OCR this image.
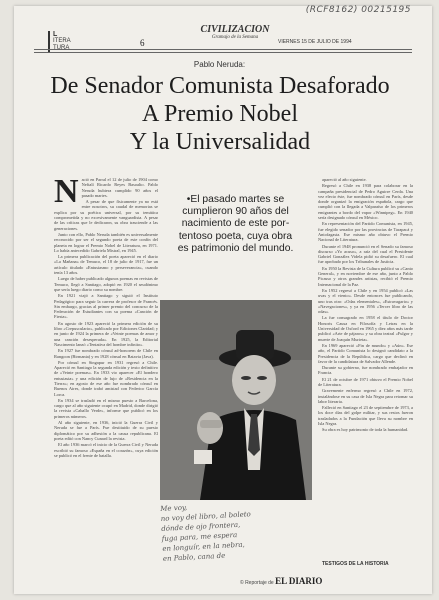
(RCF8162) 00215195
L
ITERA
TURA	6
CIVILIZACION
Gramajo de la Semana
VIERNES 15 DE JULIO DE 1994
Pablo Neruda:
De Senador Comunista Desaforado
A Premio Nobel
Y la Universalidad

Nació en Parral el 12 de julio de 1904 como Neftalí Ricardo Reyes Basoalto. Pablo Neruda hubiera cumplido 90 años el pasado martes.

A pesar de que físicamente ya no está entre nosotros, su caudal de memorias se explica por su poética universal, por su temática comprometida y no excesivamente vanguardista. A pesar de las críticas que le dedicaron, su obra trasciende a las generaciones.

Junto con ello, Pablo Neruda también es universalmente reconocido por ser el segundo poeta de este confín del planeta en lograr el Premio Nobel de Literatura, en 1971. Lo había antecedido Gabriela Mistral, en 1945.

La primera publicación del poeta apareció en el diario «La Mañana» de Temuco, el 18 de julio de 1917, fue un artículo titulado «Entusiasmo y perseverancia», cuando tenía 13 años.

Luego de haber publicado algunos poemas en revistas de Temuco, llegó a Santiago, adoptó en 1920 el seudónimo que sería luego diario como su nombre.

En 1921 viajó a Santiago y siguió el Instituto Pedagógico para seguir la carrera de profesor de Francés. Sin embargo, gracias al primer premio del concurso de la Federación de Estudiantes con su poema «Canción de Fiesta».

En agosto de 1923 apareció la primera edición de su libro «Crepusculario», publicado por Ediciones Claridad; y en junio de 1924 la primera de «Veinte poemas de amor y una canción desesperada». En 1925, la Editorial Nascimento lanzó «Tentativa del hombre infinito».

En 1927 fue nombrado cónsul ad-honorem de Chile en Rangoon (Birmania) y en 1928 cónsul en Batavia (Java).

Por cónsul en Singapur en 1931 regresó a Chile. Apareció en Santiago la segunda edición y texto definitivo de «Veinte poemas». En 1933 vio aparecer «El hondero entusiasta» y una edición de lujo de «Residencia en la Tierra»; en agosto de ese año fue nombrado cónsul en Buenos Aires, donde trabó amistad con Federico García Lorca.

En 1934 se trasladó en el mismo puesto a Barcelona, cargo que al año siguiente ocupó en Madrid, donde dirigió la revista «Caballo Verde», informe que publicó en los primeros números.

Al año siguiente, en 1936, inició la Guerra Civil y Neruda se fue a París. Fue destituido de su puesto diplomático por su adhesión a la causa republicana. El poeta editó con Nancy Cunard la revista.

El año 1936 marcó el inicio de la Guerra Civil y Neruda escribió su famoso «España en el corazón», cuya edición se publicó en el frente de batalla.

•El pasado martes se
cumplieron 90 años del
nacimiento de este por-
tentoso poeta, cuya obra
es patrimonio del mundo.

apareció al año siguiente.

Regresó a Chile en 1938 para colaborar en la campaña presidencial de Pedro Aguirre Cerda. Una vez electo éste, fue nombrado cónsul en París, desde donde organizó la emigración española, cargo que cumplió con la llegada a Valparaíso de los primeros emigrantes a bordo del vapor «Winnipeg». En 1940 sería designado cónsul en México.

En representación del Partido Comunista, en 1945, fue elegido senador por las provincias de Tarapacá y Antofagasta. Ese mismo año obtuvo el Premio Nacional de Literatura.

Durante el 1948 pronunció en el Senado su famoso discurso «Yo acuso», a raíz del cual el Presidente Gabriel González Videla pidió su desafuero. El cual fue aprobado por los Tribunales de Justicia.

En 1950 la Revista de la Cultura publicó su «Canto General», y en noviembre de ese año, junto a Pablo Picasso y otros grandes artistas, recibió el Premio Internacional de la Paz.

En 1952 regresó a Chile y en 1954 publicó «Las uvas y el viento». Desde entonces fue publicando, uno tras otro: «Odas elementales», «Estravagario» y «Navegaciones», y ya en 1956 «Tercer libro de las odas».

La fue consagrado en 1958 el título de Doctor Honoris Causa en Filosofía y Letras en la Universidad de Oxford en 1965 y diez años más tarde publicó «Arte de pájaros» y su obra teatral «Fulgor y muerte de Joaquín Murieta».

En 1969 apareció «Fin de mundo» y «Aún». Ese año, el Partido Comunista lo designó candidato a la Presidencia de la República, cargo que declinó en favor de la candidatura de Salvador Allende.

Durante su gobierno, fue nombrado embajador en Francia.

El 21 de octubre de 1971 obtuvo el Premio Nobel de Literatura.

Gravemente enfermo regresó a Chile en 1972, instalándose en su casa de Isla Negra para retomar su labor literaria.

Falleció en Santiago el 23 de septiembre de 1973, a los doce días del golpe militar, y sus restos fueron trasladados a la Fundación que lleva su nombre en Isla Negra.

Su obra es hoy patrimonio de toda la humanidad.

Me voy,
no voy del libro, al boleto
dónde de ojo frontera,
fuga para, me espera
en longuír, en la nebra,
en Pablo, cana de
TESTIGOS DE LA HISTORIA
© Reportaje de EL DIARIO
